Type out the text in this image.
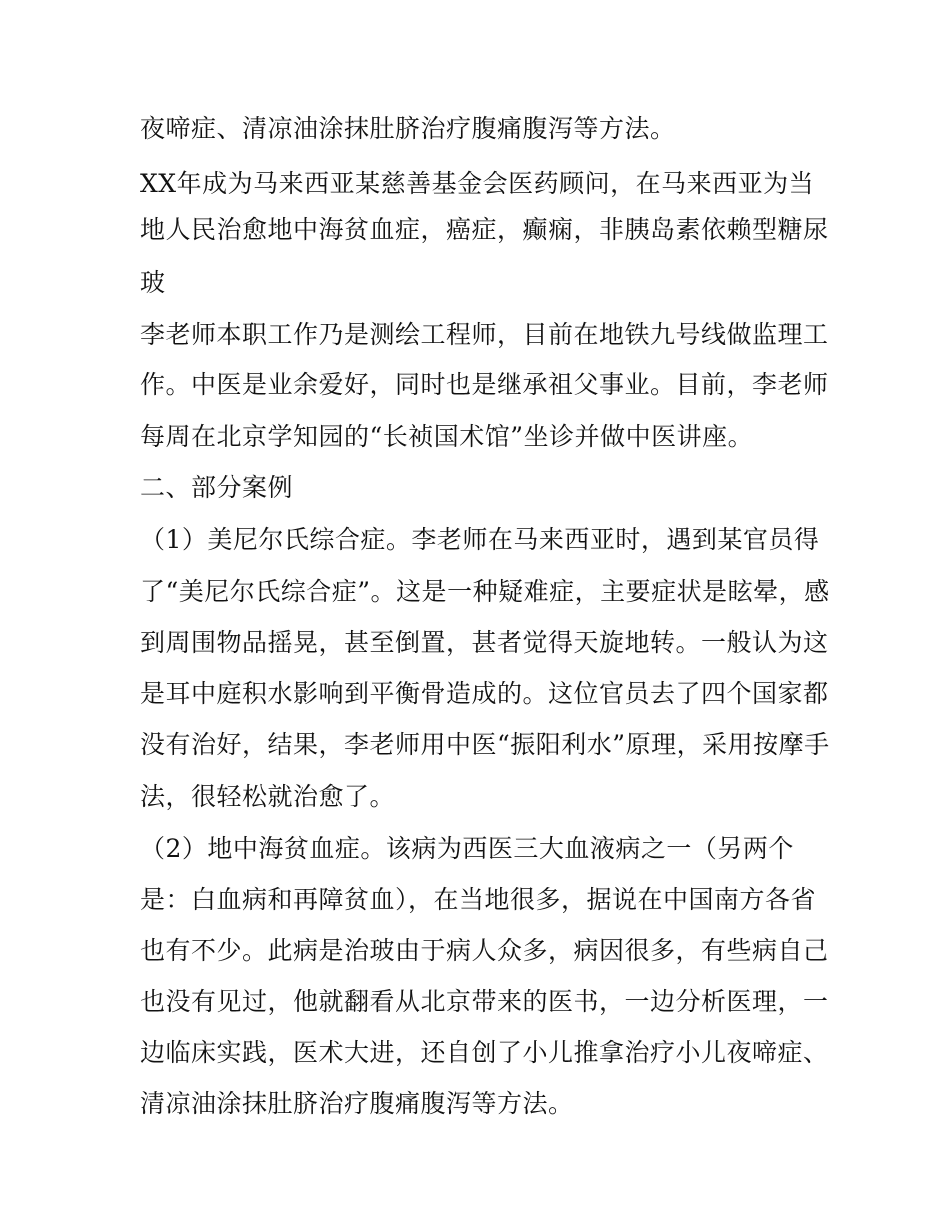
夜啼症、清凉油涂抹肚脐治疗腹痛腹泻等方法。
XX年成为马来西亚某慈善基金会医药顾问，在马来西亚为当
地人民治愈地中海贫血症，癌症，癫痫，非胰岛素依赖型糖尿
玻
李老师本职工作乃是测绘工程师，目前在地铁九号线做监理工
作。中医是业余爱好，同时也是继承祖父事业。目前，李老师
每周在北京学知园的“长祯国术馆”坐诊并做中医讲座。
二、部分案例
（1）美尼尔氏综合症。李老师在马来西亚时，遇到某官员得
了“美尼尔氏综合症”。这是一种疑难症，主要症状是眩晕，感
到周围物品摇晃，甚至倒置，甚者觉得天旋地转。一般认为这
是耳中庭积水影响到平衡骨造成的。这位官员去了四个国家都
没有治好，结果，李老师用中医“振阳利水”原理，采用按摩手
法，很轻松就治愈了。
（2）地中海贫血症。该病为西医三大血液病之一（另两个
是：白血病和再障贫血），在当地很多，据说在中国南方各省
也有不少。此病是治玻由于病人众多，病因很多，有些病自己
也没有见过，他就翻看从北京带来的医书，一边分析医理，一
边临床实践，医术大进，还自创了小儿推拿治疗小儿夜啼症、
清凉油涂抹肚脐治疗腹痛腹泻等方法。
